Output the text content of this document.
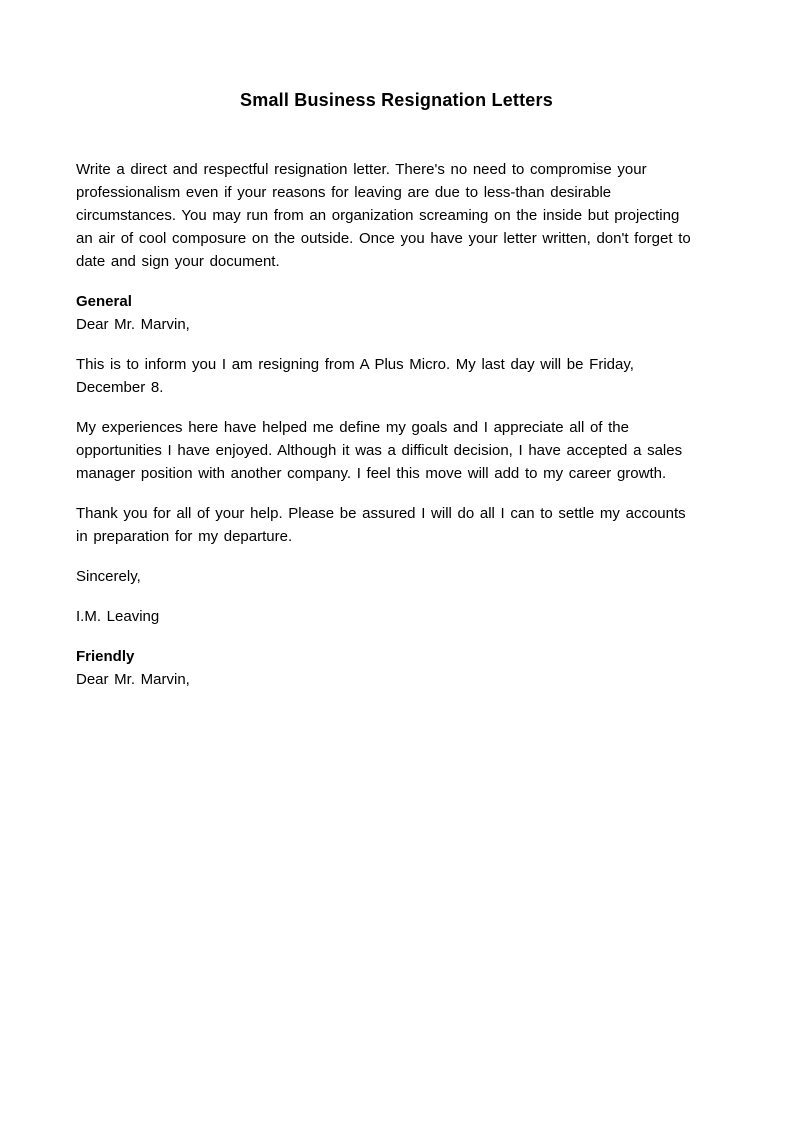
Small Business Resignation Letters

Write a direct and respectful resignation letter. There's no need to compromise your professionalism even if your reasons for leaving are due to less-than desirable circumstances. You may run from an organization screaming on the inside but projecting an air of cool composure on the outside. Once you have your letter written, don't forget to date and sign your document.

General
Dear Mr. Marvin,

This is to inform you I am resigning from A Plus Micro. My last day will be Friday, December 8.

My experiences here have helped me define my goals and I appreciate all of the opportunities I have enjoyed. Although it was a difficult decision, I have accepted a sales manager position with another company. I feel this move will add to my career growth.

Thank you for all of your help. Please be assured I will do all I can to settle my accounts in preparation for my departure.

Sincerely,

I.M. Leaving

Friendly
Dear Mr. Marvin,
